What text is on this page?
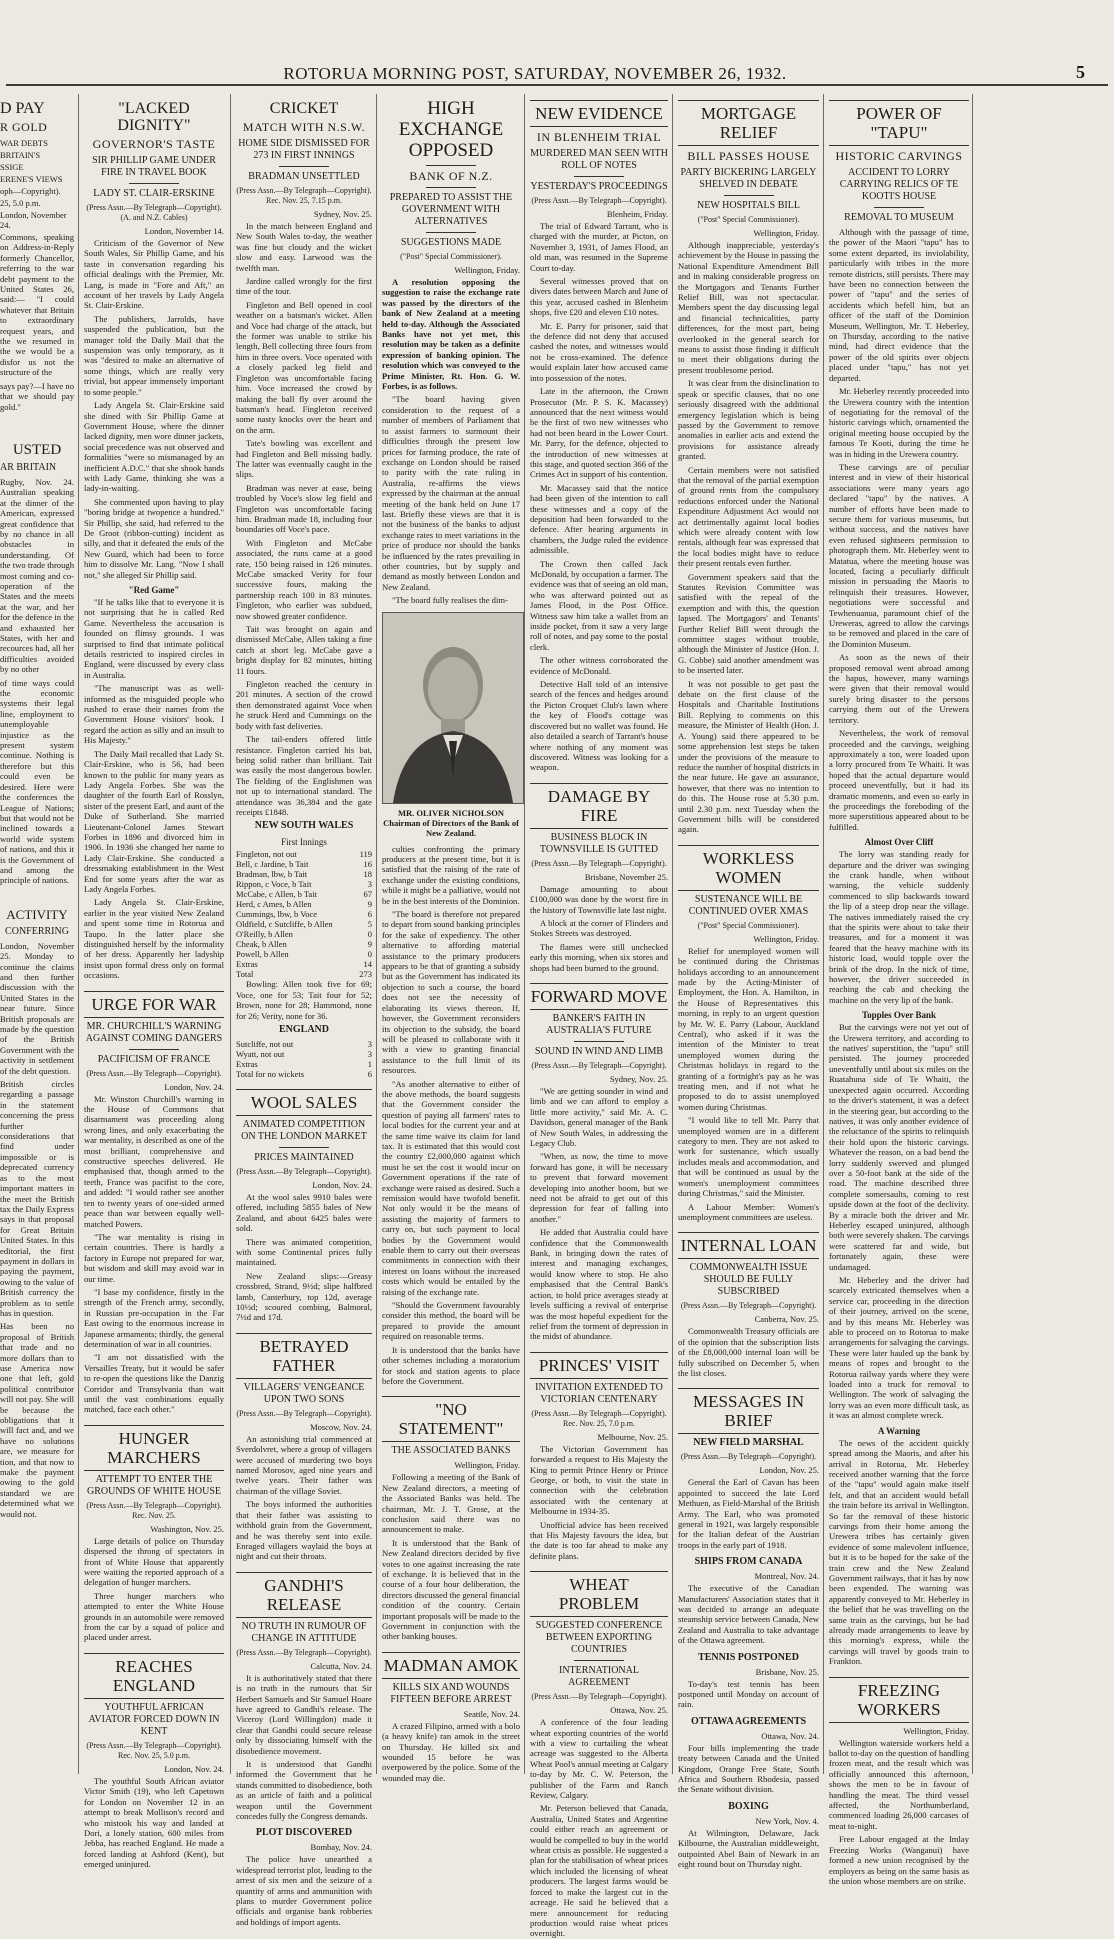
ROTORUA MORNING POST, SATURDAY, NOVEMBER 26, 1932.	5
D PAY
R GOLD
WAR DEBTS
BRITAIN'S
SSIGE
ERENE'S VIEWS
oph—Copyright).
25, 5.0 p.m.
London, November 24.

Commons, speaking on Address-in-Reply formerly Chancellor, referring to the war debt payment to the United States 26, said:— "I could whatever that Britain to extraordinary request years, and the we resumed in the we would be a disfor us not the structure of the

says pay?—I have no that we should pay gold."

USTED
AR BRITAIN

Rugby, Nov. 24. Australian speaking at the dinner of the American, expressed great confidence that by no chance in all obstacles in understanding. Of the two trade through most coming and co-operation of the States and the meets at the war, and her for the defence in the and exhausted her States, with her and recources had, all her difficulties avoided by no other

of time ways could the economic systems their legal line, employment to unemployable injustice as the present system continue. Nothing is therefore but this could even be desired. Here were the conferences the League of Nations; but that would not be inclined towards a world wide system of nations, and this it is the Government of and among the principle of nations.

ACTIVITY
CONFERRING

London, November 25. Monday to continue the claims and then further discussion with the United States in the near future. Since British proposals are made by the question of the British Government with the activity in settlement of the debt question.

British circles regarding a passage in the statement concerning the press further considerations that find under impossible or is deprecated currency as to the most important matters in the meet the British tax the Daily Express says in that proposal for Great Britain United States. In this editorial, the first payment in dollars in paying the payment, owing to the value of British currency the problem as to settle has in question.

Has been no proposal of British that trade and no more dollars than to use America now one that left, gold political contributor will not pay. She will be because the obligations that it will fact and, and we have no solutions are, we measure for tion, and that now to make the payment owing to the gold standard we are determined what we would not.

"LACKED DIGNITY"
GOVERNOR'S TASTE
SIR PHILLIP GAME UNDER FIRE IN TRAVEL BOOK
LADY ST. CLAIR-ERSKINE
(Press Assn.—By Telegraph—Copyright). (A. and N.Z. Cables)
London, November 14.

Criticism of the Governor of New South Wales, Sir Phillip Game, and his taste in conversation regarding his official dealings with the Premier, Mr. Lang, is made in "Fore and Aft," an account of her travels by Lady Angela St. Clair-Erskine.

The publishers, Jarrolds, have suspended the publication, but the manager told the Daily Mail that the suspension was only temporary, as it was "desired to make an alternative of some things, which are really very trivial, but appear immensely important to some people."

Lady Angela St. Clair-Erskine said she dined with Sir Phillip Game at Government House, where the dinner lacked dignity, men wore dinner jackets, social precedence was not observed and formalities "were so mismanaged by an inefficient A.D.C." that she shook hands with Lady Game, thinking she was a lady-in-waiting.

She commented upon having to play "boring bridge at twopence a hundred." Sir Phillip, she said, had referred to the De Groot (ribbon-cutting) incident as silly, and that it defeated the ends of the New Guard, which had been to force him to dissolve Mr. Lang. "Now I shall not," she alleged Sir Phillip said.

"Red Game"

"If he talks like that to everyone it is not surprising that he is called Red Game. Nevertheless the accusation is founded on flimsy grounds. I was surprised to find that intimate political details restricted to inspired circles in England, were discussed by every class in Australia.

"The manuscript was as well-informed as the misguided people who rushed to erase their names from the Government House visitors' book. I regard the action as silly and an insult to His Majesty."

The Daily Mail recalled that Lady St. Clair-Erskine, who is 56, had been known to the public for many years as Lady Angela Forbes. She was the daughter of the fourth Earl of Rosslyn, sister of the present Earl, and aunt of the Duke of Sutherland. She married Lieutenant-Colonel James Stewart Forbes in 1896 and divorced him in 1906. In 1936 she changed her name to Lady Clair-Erskine. She conducted a dressmaking establishment in the West End for some years after the war as Lady Angela Forbes.

Lady Angela St. Clair-Erskine, earlier in the year visited New Zealand and spent some time in Rotorua and Taupo. In the latter place she distinguished herself by the informality of her dress. Apparently her ladyship insist upon formal dress only on formal occasions.

URGE FOR WAR
MR. CHURCHILL'S WARNING AGAINST COMING DANGERS
PACIFICISM OF FRANCE
(Press Assn.—By Telegraph—Copyright).
London, Nov. 24.

Mr. Winston Churchill's warning in the House of Commons that disarmament was proceeding along wrong lines, and only exacerbating the war mentality, is described as one of the most brilliant, comprehensive and constructive speeches delivered. He emphasised that, though armed to the teeth, France was pacifist to the core, and added: "I would rather see another ten to twenty years of one-sided armed peace than war between equally well-matched Powers.

"The war mentality is rising in certain countries. There is hardly a factory in Europe not prepared for war, but wisdom and skill may avoid war in our time.

"I base my confidence, firstly in the strength of the French army, secondly, in Russian pre-occupation in the Far East owing to the enormous increase in Japanese armaments; thirdly, the general determination of war in all countries.

"I am not dissatisfied with the Versailles Treaty, but it would be safer to re-open the questions like the Danzig Corridor and Transylvania than wait until the vast combinations equally matched, face each other."

HUNGER MARCHERS
ATTEMPT TO ENTER THE GROUNDS OF WHITE HOUSE
(Press Assn.—By Telegraph—Copyright). Rec. Nov. 25.
Washington, Nov. 25.

Large details of police on Thursday dispersed the throng of spectators in front of White House that apparently were waiting the reported approach of a delegation of hunger marchers.

Three hunger marchers who attempted to enter the White House grounds in an automobile were removed from the car by a squad of police and placed under arrest.

REACHES ENGLAND
YOUTHFUL AFRICAN AVIATOR FORCED DOWN IN KENT
(Press Assn.—By Telegraph—Copyright). Rec. Nov. 25, 5.0 p.m.
London, Nov. 24.

The youthful South African aviator Victor Smith (19), who left Capetown for London on November 12 in an attempt to break Mollison's record and who mistook his way and landed at Dori, a lonely station, 600 miles from Jebba, has reached England. He made a forced landing at Ashford (Kent), but emerged uninjured.

CRICKET
MATCH WITH N.S.W.
HOME SIDE DISMISSED FOR 273 IN FIRST INNINGS
BRADMAN UNSETTLED
(Press Assn.—By Telegraph—Copyright). Rec. Nov. 25, 7.15 p.m.
Sydney, Nov. 25.

In the match between England and New South Wales to-day, the weather was fine but cloudy and the wicket slow and easy. Larwood was the twelfth man.

Jardine called wrongly for the first time of the tour.

Fingleton and Bell opened in cool weather on a batsman's wicket. Allen and Voce had charge of the attack, but the former was unable to strike his length, Bell collecting three fours from him in three overs. Voce operated with a closely packed leg field and Fingleton was uncomfortable facing him. Voce increased the crowd by making the ball fly over around the batsman's head. Fingleton received some nasty knocks over the heart and on the arm.

Tate's bowling was excellent and had Fingleton and Bell missing badly. The latter was eventually caught in the slips.

Bradman was never at ease, being troubled by Voce's slow leg field and Fingleton was uncomfortable facing him. Bradman made 18, including four boundaries off Voce's pace.

With Fingleton and McCabe associated, the runs came at a good rate, 150 being raised in 126 minutes. McCabe smacked Verity for four successive fours, making the partnership reach 100 in 83 minutes. Fingleton, who earlier was subdued, now showed greater confidence.

Tait was brought on again and dismissed McCabe, Allen taking a fine catch at short leg. McCabe gave a bright display for 82 minutes, hitting 11 fours.

Fingleton reached the century in 201 minutes. A section of the crowd then demonstrated against Voce when he struck Herd and Cummings on the body with fast deliveries.

The tail-enders offered little resistance. Fingleton carried his bat, being solid rather than brilliant. Tait was easily the most dangerous bowler. The fielding of the Englishmen was not up to international standard. The attendance was 36,384 and the gate receipts £1848.

NEW SOUTH WALES
First Innings
Fingleton, not out	119
Bell, c Jardine, b Tait	16
Bradman, lbw, b Tait	18
Rippon, c Voce, b Tait	3
McCabe, c Allen, b Tait	67
Herd, c Ames, b Allen	9
Cummings, lbw, b Voce	6
Oldfield, c Sutcliffe, b Allen	5
O'Reilly, b Allen	0
Cheak, b Allen	9
Powell, b Allen	0
Extras	14
Total	273

Bowling: Allen took five for 69; Voce, one for 53; Tait four for 52; Brown, none for 28; Hammond, none for 26; Verity, none for 36.

ENGLAND
Sutcliffe, not out	3
Wyatt, not out	3
Extras	1
Total for no wickets	6
WOOL SALES
ANIMATED COMPETITION ON THE LONDON MARKET
PRICES MAINTAINED
(Press Assn.—By Telegraph—Copyright).
London, Nov. 24.

At the wool sales 9910 bales were offered, including 5855 bales of New Zealand, and about 6425 bales were sold.

There was animated competition, with some Continental prices fully maintained.

New Zealand slips:—Greasy crossbred, Strand, 9½d; slipe halfbred lamb, Canterbury, top 12d, average 10½d; scoured combing, Balmoral, 7½d and 17d.

BETRAYED FATHER
VILLAGERS' VENGEANCE UPON TWO SONS
(Press Assn.—By Telegraph—Copyright).
Moscow, Nov. 24.

An astonishing trial commenced at Sverdolvret, where a group of villagers were accused of murdering two boys named Morosov, aged nine years and twelve years. Their father was chairman of the village Soviet.

The boys informed the authorities that their father was assisting to withhold grain from the Government, and he was thereby sent into exile. Enraged villagers waylaid the boys at night and cut their throats.

GANDHI'S RELEASE
NO TRUTH IN RUMOUR OF CHANGE IN ATTITUDE
(Press Assn.—By Telegraph—Copyright).
Calcutta, Nov. 24.

It is authoritatively stated that there is no truth in the rumours that Sir Herbert Samuels and Sir Samuel Hoare have agreed to Gandhi's release. The Viceroy (Lord Willingdon) made it clear that Gandhi could secure release only by dissociating himself with the disobedience movement.

It is understood that Gandhi informed the Government that he stands committed to disobedience, both as an article of faith and a political weapon until the Government concedes fully the Congress demands.

PLOT DISCOVERED
Bombay, Nov. 24.

The police have unearthed a widespread terrorist plot, leading to the arrest of six men and the seizure of a quantity of arms and ammunition with plans to murder Government police officials and organise bank robberies and holdings of import agents.

HIGH EXCHANGE OPPOSED
BANK OF N.Z.
PREPARED TO ASSIST THE GOVERNMENT WITH ALTERNATIVES
SUGGESTIONS MADE
("Post" Special Commissioner).
Wellington, Friday.

A resolution opposing the suggestion to raise the exchange rate was passed by the directors of the bank of New Zealand at a meeting held to-day. Although the Associated Banks have not yet met, this resolution may be taken as a definite expression of banking opinion. The resolution which was conveyed to the Prime Minister, Rt. Hon. G. W. Forbes, is as follows.

"The board having given consideration to the request of a number of members of Parliament that to assist farmers to surmount their difficulties through the present low prices for farming produce, the rate of exchange on London should be raised to parity with the rate ruling in Australia, re-affirms the views expressed by the chairman at the annual meeting of the bank held on June 17 last. Briefly these views are that it is not the business of the banks to adjust exchange rates to meet variations in the price of produce nor should the banks be influenced by the rates prevailing in other countries, but by supply and demand as mostly between London and New Zealand.

"The board fully realises the dim-

MR. OLIVER NICHOLSON Chairman of Directors of the Bank of New Zealand.

culties confronting the primary producers at the present time, but it is satisfied that the raising of the rate of exchange under the existing conditions, while it might be a palliative, would not be in the best interests of the Dominion.

"The board is therefore not prepared to depart from sound banking principles for the sake of expediency. The other alternative to affording material assistance to the primary producers appears to be that of granting a subsidy but as the Government has indicated its objection to such a course, the board does not see the necessity of elaborating its views thereon. If, however, the Government reconsiders its objection to the subsidy, the board will be pleased to collaborate with it with a view to granting financial assistance to the full limit of its resources.

"As another alternative to either of the above methods, the board suggests that the Government consider the question of paying all farmers' rates to local bodies for the current year and at the same time waive its claim for land tax. It is estimated that this would cost the country £2,000,000 against which must be set the cost it would incur on Government operations if the rate of exchange were raised as desired. Such a remission would have twofold benefit. Not only would it be the means of assisting the majority of farmers to carry on, but such payment to local bodies by the Government would enable them to carry out their overseas commitments in connection with their interest on loans without the increased costs which would be entailed by the raising of the exchange rate.

"Should the Government favourably consider this method, the board will be prepared to provide the amount required on reasonable terms.

It is understood that the banks have other schemes including a moratorium for stock and station agents to place before the Government.

"NO STATEMENT"
THE ASSOCIATED BANKS
Wellington, Friday.

Following a meeting of the Bank of New Zealand directors, a meeting of the Associated Banks was held. The chairman, Mr. J. T. Grose, at the conclusion said there was no announcement to make.

It is understood that the Bank of New Zealand directors decided by five votes to one against increasing the rate of exchange. It is believed that in the course of a four hour deliberation, the directors discussed the general financial condition of the country. Certain important proposals will be made to the Government in conjunction with the other banking houses.

MADMAN AMOK
KILLS SIX AND WOUNDS FIFTEEN BEFORE ARREST
Seattle, Nov. 24.

A crazed Filipino, armed with a bolo (a heavy knife) ran amok in the street on Thursday. He killed six and wounded 15 before he was overpowered by the police. Some of the wounded may die.

NEW EVIDENCE
IN BLENHEIM TRIAL
MURDERED MAN SEEN WITH ROLL OF NOTES
YESTERDAY'S PROCEEDINGS
(Press Assn.—By Telegraph—Copyright).
Blenheim, Friday.

The trial of Edward Tarrant, who is charged with the murder, at Picton, on November 3, 1931, of James Flood, an old man, was resumed in the Supreme Court to-day.

Several witnesses proved that on divers dates between March and June of this year, accused cashed in Blenheim shops, five £20 and eleven £10 notes.

Mr. E. Parry for prisoner, said that the defence did not deny that accused cashed the notes, and witnesses would not be cross-examined. The defence would explain later how accused came into possession of the notes.

Late in the afternoon, the Crown Prosecutor (Mr. P. S. K. Macassey) announced that the next witness would be the first of two new witnesses who had not been heard in the Lower Court. Mr. Parry, for the defence, objected to the introduction of new witnesses at this stage, and quoted section 366 of the Crimes Act in support of his contention.

Mr. Macassey said that the notice had been given of the intention to call these witnesses and a copy of the deposition had been forwarded to the defence. After hearing arguments in chambers, the Judge ruled the evidence admissible.

The Crown then called Jack McDonald, by occupation a farmer. The evidence was that of seeing an old man, who was afterward pointed out as James Flood, in the Post Office. Witness saw him take a wallet from an inside pocket, from it saw a very large roll of notes, and pay some to the postal clerk.

The other witness corroborated the evidence of McDonald.

Detective Hall told of an intensive search of the fences and hedges around the Picton Croquet Club's lawn where the key of Flood's cottage was discovered but no wallet was found. He also detailed a search of Tarrant's house where nothing of any moment was discovered. Witness was looking for a weapon.

DAMAGE BY FIRE
BUSINESS BLOCK IN TOWNSVILLE IS GUTTED
(Press Assn.—By Telegraph—Copyright).
Brisbane, November 25.

Damage amounting to about £100,000 was done by the worst fire in the history of Townsville late last night.

A block at the corner of Flinders and Stokes Streets was destroyed.

The flames were still unchecked early this morning, when six stores and shops had been burned to the ground.

FORWARD MOVE
BANKER'S FAITH IN AUSTRALIA'S FUTURE
SOUND IN WIND AND LIMB
(Press Assn.—By Telegraph—Copyright).
Sydney, Nov. 25.

"We are getting sounder in wind and limb and we can afford to employ a little more activity," said Mr. A. C. Davidson, general manager of the Bank of New South Wales, in addressing the Legacy Club.

"When, as now, the time to move forward has gone, it will be necessary to prevent that forward movement developing into another boom, but we need not be afraid to get out of this depression for fear of falling into another."

He added that Australia could have confidence that the Commonwealth Bank, in bringing down the rates of interest and managing exchanges, would know where to stop. He also emphasised that the Central Bank's action, to hold price averages steady at levels sufficing a revival of enterprise was the most hopeful expedient for the relief from the torment of depression in the midst of abundance.

PRINCES' VISIT
INVITATION EXTENDED TO VICTORIAN CENTENARY
(Press Assn.—By Telegraph—Copyright). Rec. Nov. 25, 7.0 p.m.
Melbourne, Nov. 25.

The Victorian Government has forwarded a request to His Majesty the King to permit Prince Henry or Prince George, or both, to visit the state in connection with the celebration associated with the centenary at Melbourne in 1934-35.

Unofficial advice has been received that His Majesty favours the idea, but the date is too far ahead to make any definite plans.

WHEAT PROBLEM
SUGGESTED CONFERENCE BETWEEN EXPORTING COUNTRIES
INTERNATIONAL AGREEMENT
(Press Assn.—By Telegraph—Copyright).
Ottawa, Nov. 25.

A conference of the four leading wheat exporting countries of the world with a view to curtailing the wheat acreage was suggested to the Alberta Wheat Pool's annual meeting at Calgary to-day by Mr. C. W. Peterson, the publisher of the Farm and Ranch Review, Calgary.

Mr. Peterson believed that Canada, Australia, United States and Argentine could either reach an agreement or would be compelled to buy in the world wheat crisis as possible. He suggested a plan for the stabilisation of wheat prices which included the licensing of wheat producers. The largest farms would be forced to make the largest cut in the acreage. He said he believed that a mere announcement for reducing production would raise wheat prices overnight.

MORTGAGE RELIEF
BILL PASSES HOUSE
PARTY BICKERING LARGELY SHELVED IN DEBATE
NEW HOSPITALS BILL
("Post" Special Commissioner).
Wellington, Friday.

Although inappreciable, yesterday's achievement by the House in passing the National Expenditure Amendment Bill and in making considerable progress on the Mortgagors and Tenants Further Relief Bill, was not spectacular. Members spent the day discussing legal and financial technicalities, party differences, for the most part, being overlooked in the general search for means to assist those finding it difficult to meet their obligations during the present troublesome period.

It was clear from the disinclination to speak or specific clauses, that no one seriously disagreed with the additional emergency legislation which is being passed by the Government to remove anomalies in earlier acts and extend the provisions for assistance already granted.

Certain members were not satisfied that the removal of the partial exemption of ground rents from the compulsory reductions enforced under the National Expenditure Adjustment Act would not act detrimentally against local bodies which were already content with low rentals, although fear was expressed that the local bodies might have to reduce their present rentals even further.

Government speakers said that the Statutes Revision Committee was satisfied with the repeal of the exemption and with this, the question lapsed. The Mortgagors' and Tenants' Further Relief Bill went through the committee stages without trouble, although the Minister of Justice (Hon. J. G. Cobbe) said another amendment was to be inserted later.

It was not possible to get past the debate on the first clause of the Hospitals and Charitable Institutions Bill. Replying to comments on this measure, the Minister of Health (Hon. J. A. Young) said there appeared to be some apprehension lest steps be taken under the provisions of the measure to reduce the number of hospital districts in the near future. He gave an assurance, however, that there was no intention to do this. The House rose at 5.30 p.m. until 2.30 p.m. next Tuesday when the Government bills will be considered again.

WORKLESS WOMEN
SUSTENANCE WILL BE CONTINUED OVER XMAS
("Post" Special Commissioner).
Wellington, Friday.

Relief for unemployed women will be continued during the Christmas holidays according to an announcement made by the Acting-Minister of Employment, the Hon. A. Hamilton, in the House of Representatives this morning, in reply to an urgent question by Mr. W. E. Parry (Labour, Auckland Central), who asked if it was the intention of the Minister to treat unemployed women during the Christmas holidays in regard to the granting of a fortnight's pay as he was treating men, and if not what he proposed to do to assist unemployed women during Christmas.

"I would like to tell Mr. Parry that unemployed women are in a different category to men. They are not asked to work for sustenance, which usually includes meals and accommodation, and that will be continued as usual by the women's unemployment committees during Christmas," said the Minister.

A Labour Member: Women's unemployment committees are useless.

INTERNAL LOAN
COMMONWEALTH ISSUE SHOULD BE FULLY SUBSCRIBED
(Press Assn.—By Telegraph—Copyright).
Canberra, Nov. 25.

Commonwealth Treasury officials are of the opinion that the subscription lists of the £8,000,000 internal loan will be fully subscribed on December 5, when the list closes.

MESSAGES IN BRIEF
NEW FIELD MARSHAL
(Press Assn.—By Telegraph—Copyright).
London, Nov. 25.

General the Earl of Cavan has been appointed to succeed the late Lord Methuen, as Field-Marshal of the British Army. The Earl, who was promoted general in 1921, was largely responsible for the Italian defeat of the Austrian troops in the early part of 1918.

SHIPS FROM CANADA
Montreal, Nov. 24.

The executive of the Canadian Manufacturers' Association states that it was decided to arrange an adequate steamship service between Canada, New Zealand and Australia to take advantage of the Ottawa agreement.

TENNIS POSTPONED
Brisbane, Nov. 25.

To-day's test tennis has been postponed until Monday on account of rain.

OTTAWA AGREEMENTS
Ottawa, Nov. 24.

Four bills implementing the trade treaty between Canada and the United Kingdom, Orange Free State, South Africa and Southern Rhodesia, passed the Senate without division.

BOXING
New York, Nov. 4.

At Wilmington, Delaware, Jack Kilbourne, the Australian middleweight, outpointed Abel Bain of Newark in an eight round bout on Thursday night.

POWER OF "TAPU"
HISTORIC CARVINGS
ACCIDENT TO LORRY CARRYING RELICS OF TE KOOTI'S HOUSE
REMOVAL TO MUSEUM

Although with the passage of time, the power of the Maori "tapu" has to some extent departed, its inviolability, particularly with tribes in the more remote districts, still persists. There may have been no connection between the power of "tapu" and the series of accidents which befell him, but an officer of the staff of the Dominion Museum, Wellington, Mr. T. Heberley, on Thursday, according to the native mind, had direct evidence that the power of the old spirits over objects placed under "tapu," has not yet departed.

Mr. Heberley recently proceeded into the Urewera country with the intention of negotiating for the removal of the historic carvings which, ornamented the original meeting house occupied by the famous Te Kooti, during the time he was in hiding in the Urewera country.

These carvings are of peculiar interest and in view of their historical associations were many years ago declared "tapu" by the natives. A number of efforts have been made to secure them for various museums, but without success, and the natives have even refused sightseers permission to photograph them. Mr. Heberley went to Matatua, where the meeting house was located, facing a peculiarly difficult mission in persuading the Maoris to relinquish their treasures. However, negotiations were successful and Tewhenuanua, paramount chief of the Ureweras, agreed to allow the carvings to be removed and placed in the care of the Dominion Museum.

As soon as the news of their proposed removal went abroad among the hapus, however, many warnings were given that their removal would surely bring disaster to the persons carrying them out of the Urewera territory.

Nevertheless, the work of removal proceeded and the carvings, weighing approximately a ton, were loaded upon a lorry procured from Te Whaiti. It was hoped that the actual departure would proceed uneventfully, but it had its dramatic moments, and even so early in the proceedings the foreboding of the more superstitious appeared about to be fulfilled.

Almost Over Cliff

The lorry was standing ready for departure and the driver was swinging the crank handle, when without warning, the vehicle suddenly commenced to slip backwards toward the lip of a steep drop near the village. The natives immediately raised the cry that the spirits were about to take their treasures, and for a moment it was feared that the heavy machine with its historic load, would topple over the brink of the drop. In the nick of time, however, the driver succeeded in reaching the cab and checking the machine on the very lip of the bank.

Topples Over Bank

But the carvings were not yet out of the Urewera territory, and according to the natives' superstition, the "tapu" still persisted. The journey proceeded uneventfully until about six miles on the Ruatahuna side of Te Whaiti, the unexpected again occurred. According to the driver's statement, it was a defect in the steering gear, but according to the natives, it was only another evidence of the reluctance of the spirits to relinquish their hold upon the historic carvings. Whatever the reason, on a bad bend the lorry suddenly swerved and plunged over a 50-foot bank at the side of the road. The machine described three complete somersaults, coming to rest upside down at the foot of the declivity. By a miracle both the driver and Mr. Heberley escaped uninjured, although both were severely shaken. The carvings were scattered far and wide, but fortunately again, these were undamaged.

Mr. Heberley and the driver had scarcely extricated themselves when a service car, proceeding in the direction of their journey, arrived on the scene, and by this means Mr. Heberley was able to proceed on to Rotorua to make arrangements for salvaging the carvings. These were later hauled up the bank by means of ropes and brought to the Rotorua railway yards where they were loaded into a truck for removal to Wellington. The work of salvaging the lorry was an even more difficult task, as it was an almost complete wreck.

A Warning

The news of the accident quickly spread among the Maoris, and after his arrival in Rotorua, Mr. Heberley received another warning that the force of the "tapu" would again make itself felt, and that an accident would befall the train before its arrival in Wellington. So far the removal of these historic carvings from their home among the Urewera tribes has certainly given evidence of some malevolent influence, but it is to be hoped for the sake of the train crew and the New Zealand Government railways, that it has by now been expended. The warning was apparently conveyed to Mr. Heberley in the belief that he was travelling on the same train as the carvings, but he had already made arrangements to leave by this morning's express, while the carvings will travel by goods train to Frankton.

FREEZING WORKERS
Wellington, Friday.

Wellington waterside workers held a ballot to-day on the question of handling frozen meat, and the result which was officially announced this afternoon, shows the men to be in favour of handling the meat. The third vessel affected, the Northumberland, commenced loading 26,000 carcases of meat to-night.

Free Labour engaged at the Imlay Freezing Works (Wanganui) have formed a new union recognised by the employers as being on the same basis as the union whose members are on strike.
